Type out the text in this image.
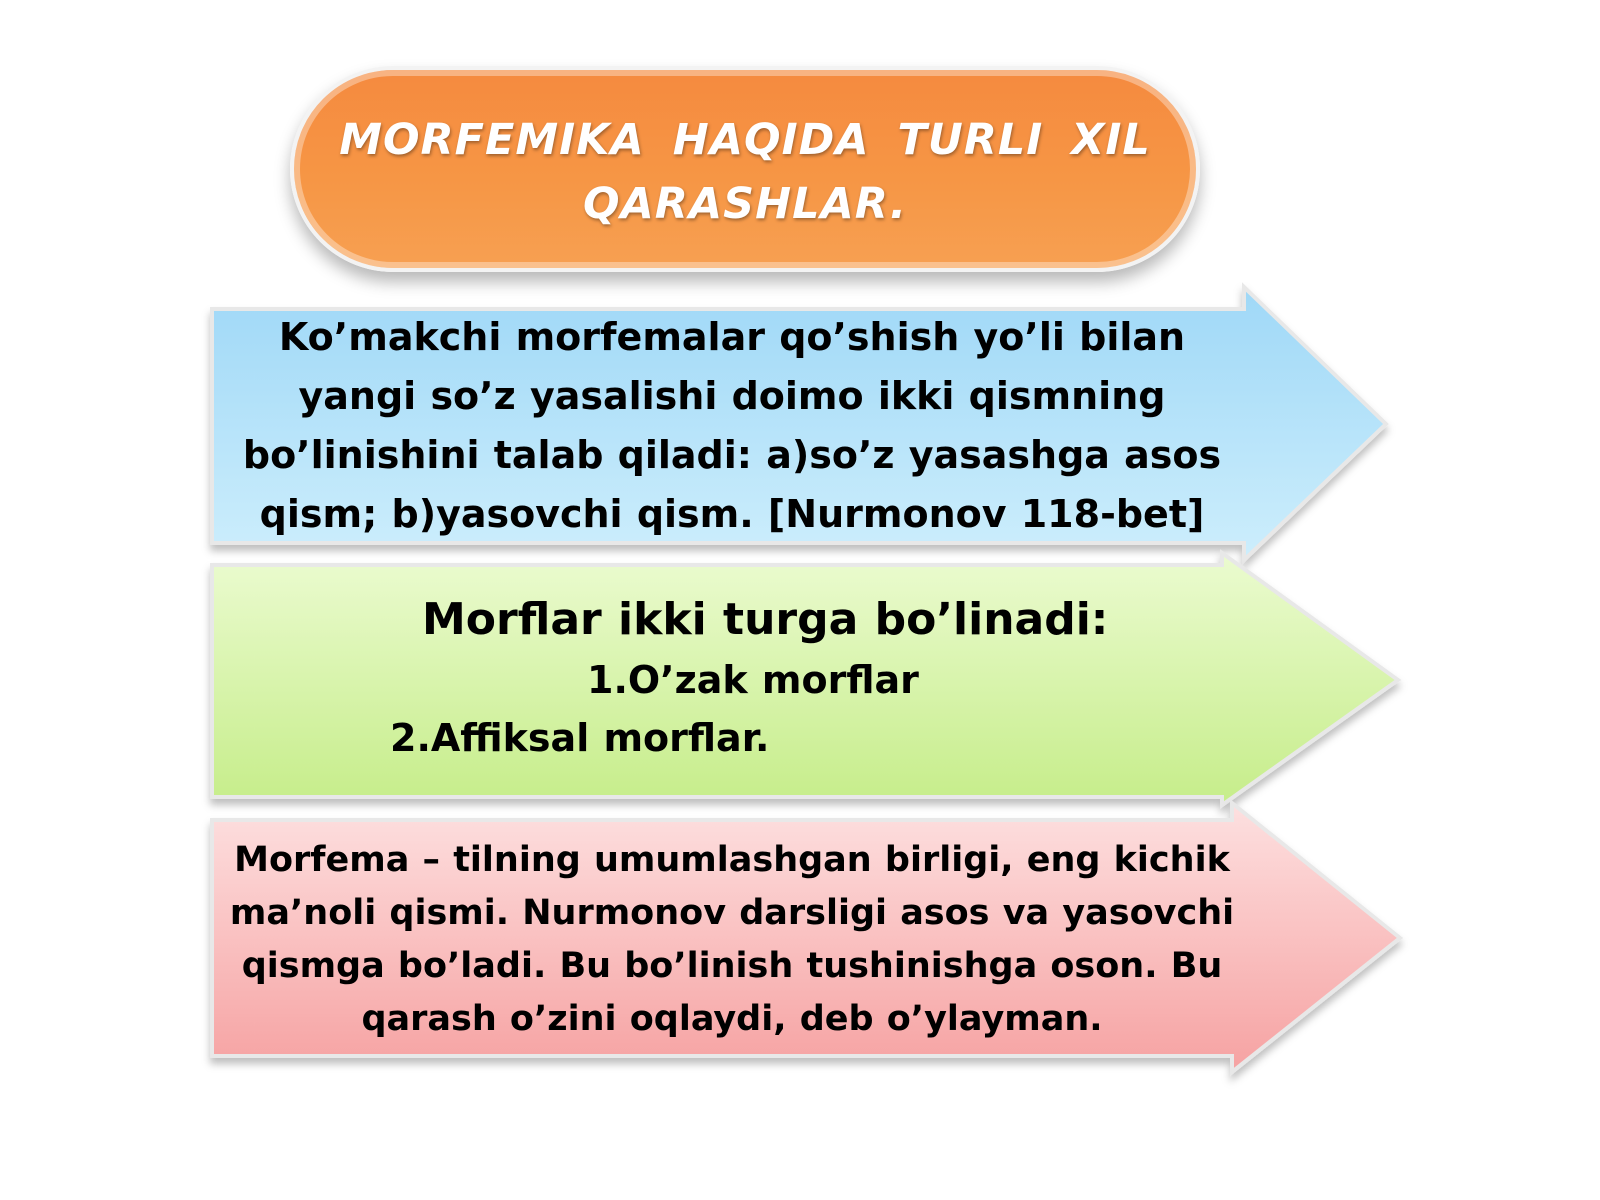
MORFEMIKA HAQIDA TURLI XIL
QARASHLAR.
Ko’makchi morfemalar qo’shish yo’li bilan yangi so’z yasalishi doimo ikki qismning bo’linishini talab qiladi: a)so’z yasashga asos qism; b)yasovchi qism. [Nurmonov 118-bet]
Morflar ikki turga bo’linadi:
1.O’zak morflar
2.Affiksal morflar.
Morfema – tilning umumlashgan birligi, eng kichik ma’noli qismi. Nurmonov darsligi asos va yasovchi qismga bo’ladi. Bu bo’linish tushinishga oson. Bu qarash o’zini oqlaydi, deb o’ylayman.
